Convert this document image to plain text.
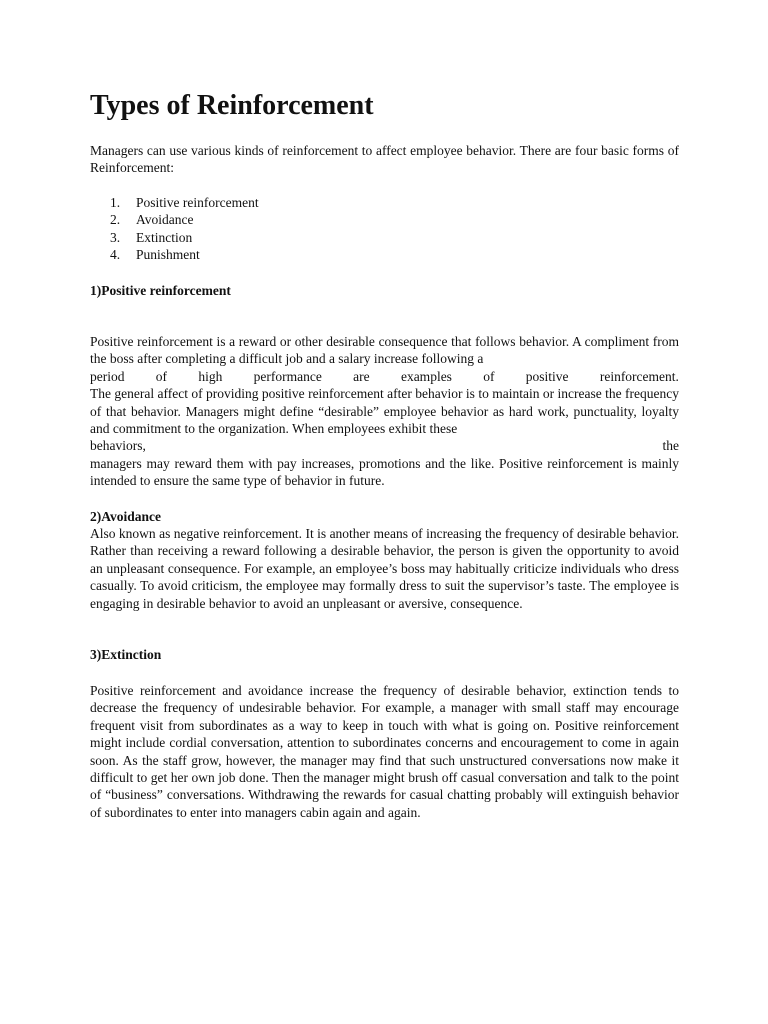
Types of Reinforcement

Managers can use various kinds of reinforcement to affect employee behavior. There are four basic forms of Reinforcement:

1.	Positive reinforcement
2.	Avoidance
3.	Extinction
4.	Punishment
1)Positive reinforcement
Positive reinforcement is a reward or other desirable consequence that follows behavior. A compliment from the boss after completing a difficult job and a salary increase following a
period of high performance are examples of positive reinforcement.
The general affect of providing positive reinforcement after behavior is to maintain or increase the frequency of that behavior. Managers might define “desirable” employee behavior as hard work, punctuality, loyalty and commitment to the organization. When employees exhibit these
behaviors,	the
managers may reward them with pay increases, promotions and the like. Positive reinforcement is mainly intended to ensure the same type of behavior in future.
2)Avoidance

Also known as negative reinforcement. It is another means of increasing the frequency of desirable behavior. Rather than receiving a reward following a desirable behavior, the person is given the opportunity to avoid an unpleasant consequence. For example, an employee’s boss may habitually criticize individuals who dress casually. To avoid criticism, the employee may formally dress to suit the supervisor’s taste. The employee is engaging in desirable behavior to avoid an unpleasant or aversive, consequence.

3)Extinction

Positive reinforcement and avoidance increase the frequency of desirable behavior, extinction tends to decrease the frequency of undesirable behavior. For example, a manager with small staff may encourage frequent visit from subordinates as a way to keep in touch with what is going on. Positive reinforcement might include cordial conversation, attention to subordinates concerns and encouragement to come in again soon. As the staff grow, however, the manager may find that such unstructured conversations now make it difficult to get her own job done. Then the manager might brush off casual conversation and talk to the point of “business” conversations. Withdrawing the rewards for casual chatting probably will extinguish behavior of subordinates to enter into managers cabin again and again.
